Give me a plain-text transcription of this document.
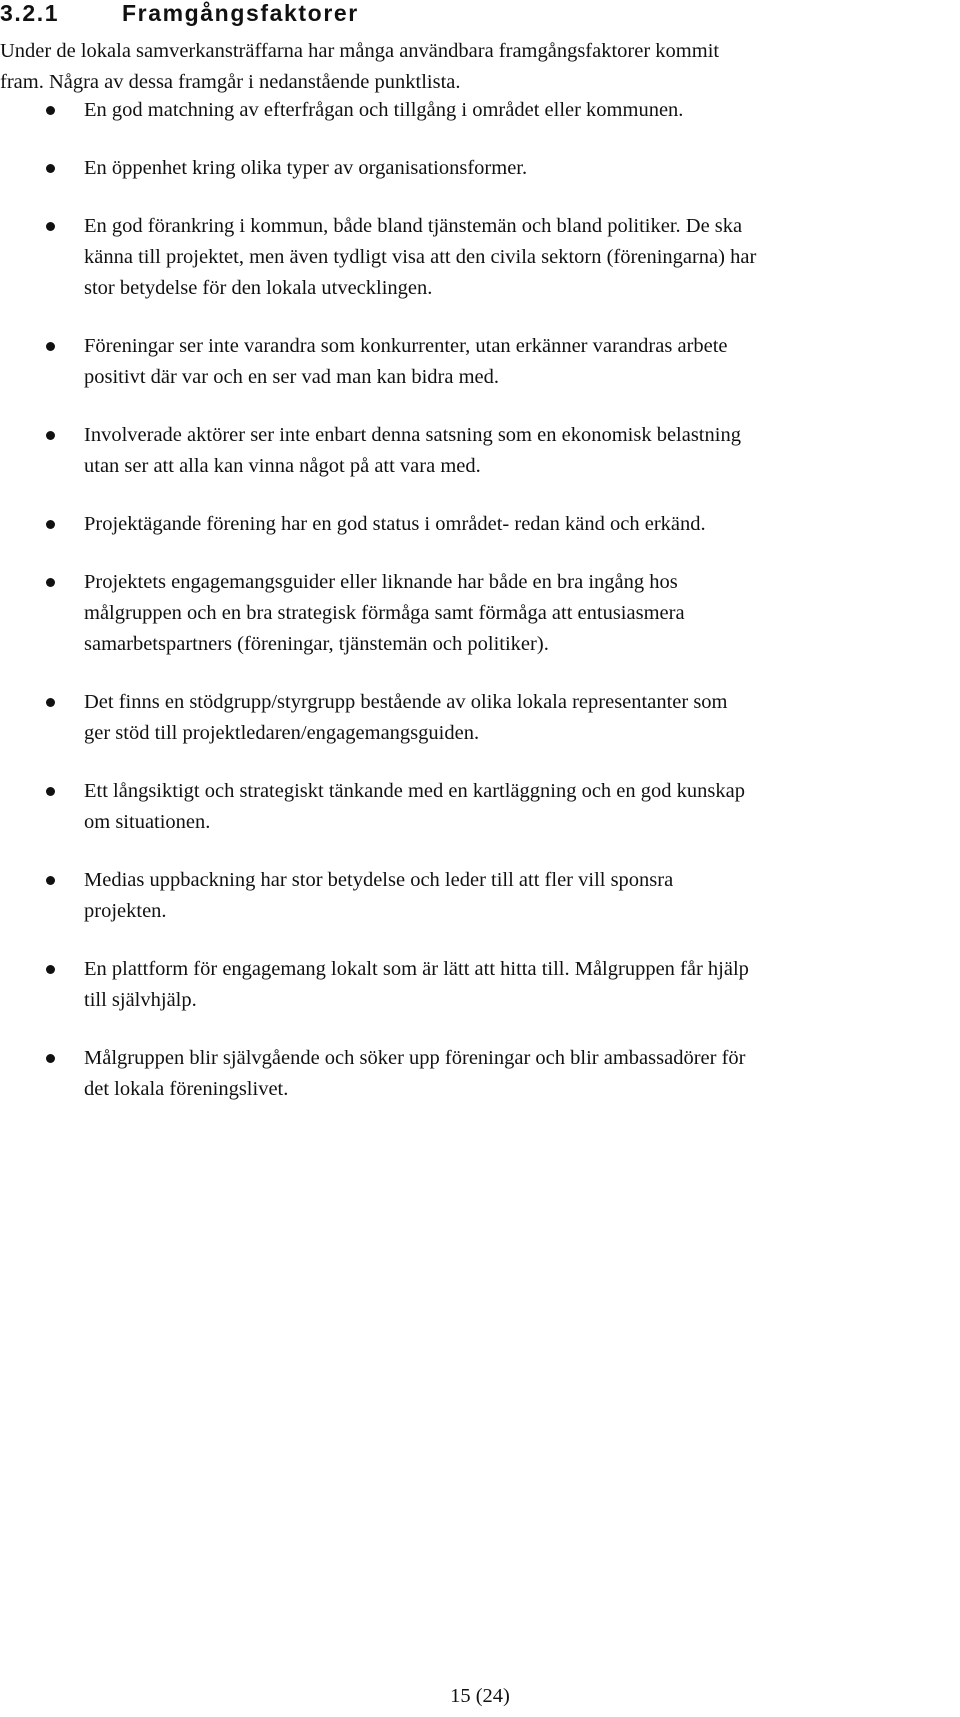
3.2.1	Framgångsfaktorer

Under de lokala samverkansträffarna har många användbara framgångsfaktorer kommit
fram. Några av dessa framgår i nedanstående punktlista.

En god matchning av efterfrågan och tillgång i området eller kommunen.
En öppenhet kring olika typer av organisationsformer.
En god förankring i kommun, både bland tjänstemän och bland politiker. De ska
känna till projektet, men även tydligt visa att den civila sektorn (föreningarna) har
stor betydelse för den lokala utvecklingen.
Föreningar ser inte varandra som konkurrenter, utan erkänner varandras arbete
positivt där var och en ser vad man kan bidra med.
Involverade aktörer ser inte enbart denna satsning som en ekonomisk belastning
utan ser att alla kan vinna något på att vara med.
Projektägande förening har en god status i området- redan känd och erkänd.
Projektets engagemangsguider eller liknande har både en bra ingång hos
målgruppen och en bra strategisk förmåga samt förmåga att entusiasmera
samarbetspartners (föreningar, tjänstemän och politiker).
Det finns en stödgrupp/styrgrupp bestående av olika lokala representanter som
ger stöd till projektledaren/engagemangsguiden.
Ett långsiktigt och strategiskt tänkande med en kartläggning och en god kunskap
om situationen.
Medias uppbackning har stor betydelse och leder till att fler vill sponsra
projekten.
En plattform för engagemang lokalt som är lätt att hitta till. Målgruppen får hjälp
till självhjälp.
Målgruppen blir självgående och söker upp föreningar och blir ambassadörer för
det lokala föreningslivet.
15 (24)
